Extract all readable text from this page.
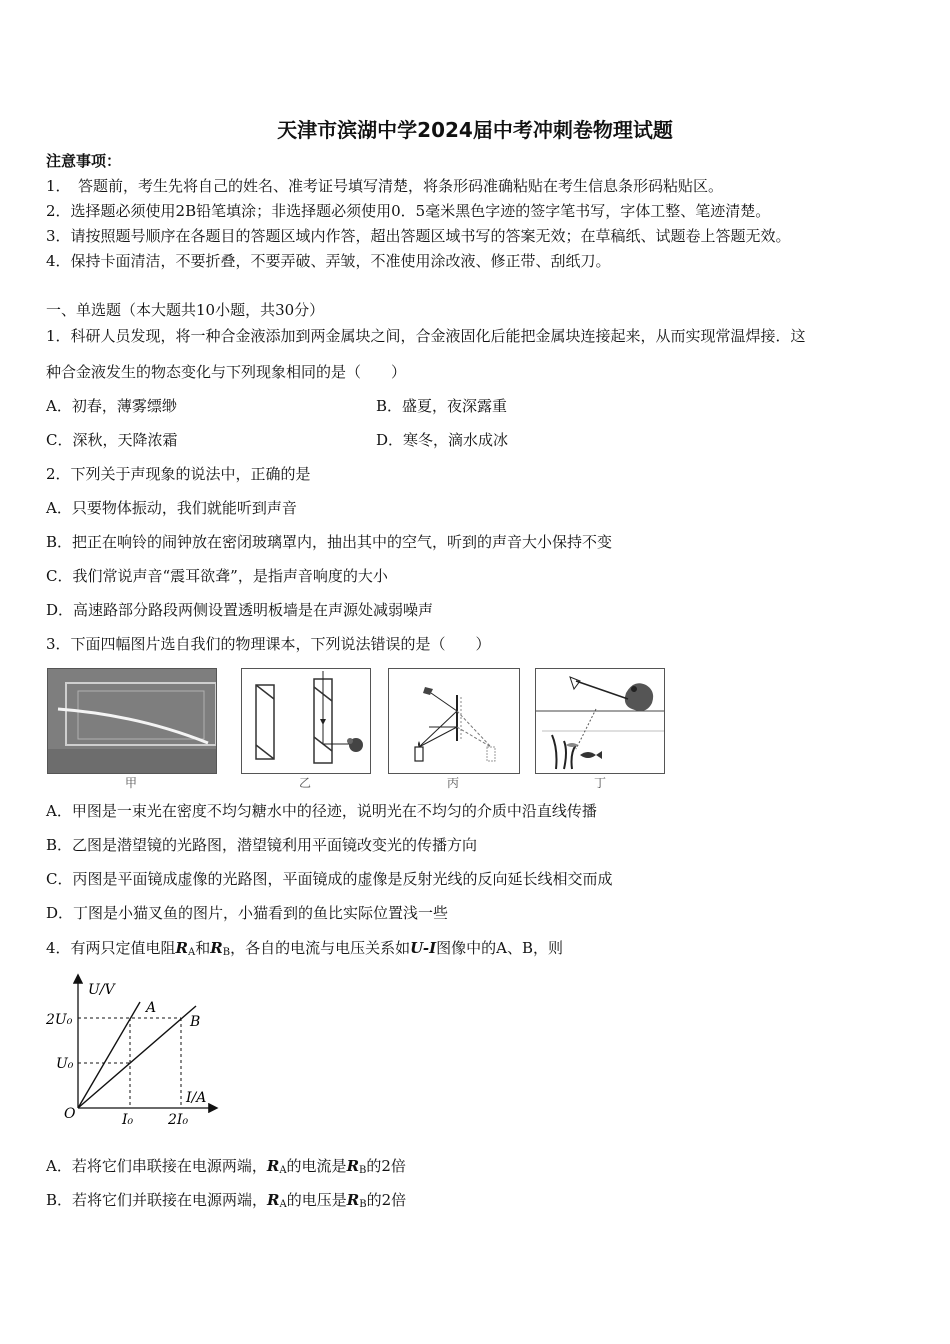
天津市滨湖中学2024届中考冲刺卷物理试题
注意事项：
1．　答题前，考生先将自己的姓名、准考证号填写清楚，将条形码准确粘贴在考生信息条形码粘贴区。
2．选择题必须使用2B铅笔填涂；非选择题必须使用0．5毫米黑色字迹的签字笔书写，字体工整、笔迹清楚。
3．请按照题号顺序在各题目的答题区域内作答，超出答题区域书写的答案无效；在草稿纸、试题卷上答题无效。
4．保持卡面清洁，不要折叠，不要弄破、弄皱，不准使用涂改液、修正带、刮纸刀。
一、单选题（本大题共10小题，共30分）
1．科研人员发现，将一种合金液添加到两金属块之间，合金液固化后能把金属块连接起来，从而实现常温焊接．这
种合金液发生的物态变化与下列现象相同的是（　　）
A．初春，薄雾缥缈	B．盛夏，夜深露重
C．深秋，天降浓霜	D．寒冬，滴水成冰
2．下列关于声现象的说法中，正确的是
A．只要物体振动，我们就能听到声音
B．把正在响铃的闹钟放在密闭玻璃罩内，抽出其中的空气，听到的声音大小保持不变
C．我们常说声音“震耳欲聋”，是指声音响度的大小
D．高速路部分路段两侧设置透明板墙是在声源处减弱噪声
3．下面四幅图片选自我们的物理课本，下列说法错误的是（　　）
甲	乙	丙	丁
A．甲图是一束光在密度不均匀糖水中的径迹，说明光在不均匀的介质中沿直线传播
B．乙图是潜望镜的光路图，潜望镜利用平面镜改变光的传播方向
C．丙图是平面镜成虚像的光路图，平面镜成的虚像是反射光线的反向延长线相交而成
D．丁图是小猫叉鱼的图片，小猫看到的鱼比实际位置浅一些
4．有两只定值电阻$R_A$和$R_B$，各自的电流与电压关系如U-I图像中的A、B，则
U/V
I/A
O
2U₀
U₀
I₀ 2I₀
A
B
A．若将它们串联接在电源两端，$R_A$的电流是$R_B$的2倍
B．若将它们并联接在电源两端，$R_A$的电压是$R_B$的2倍
